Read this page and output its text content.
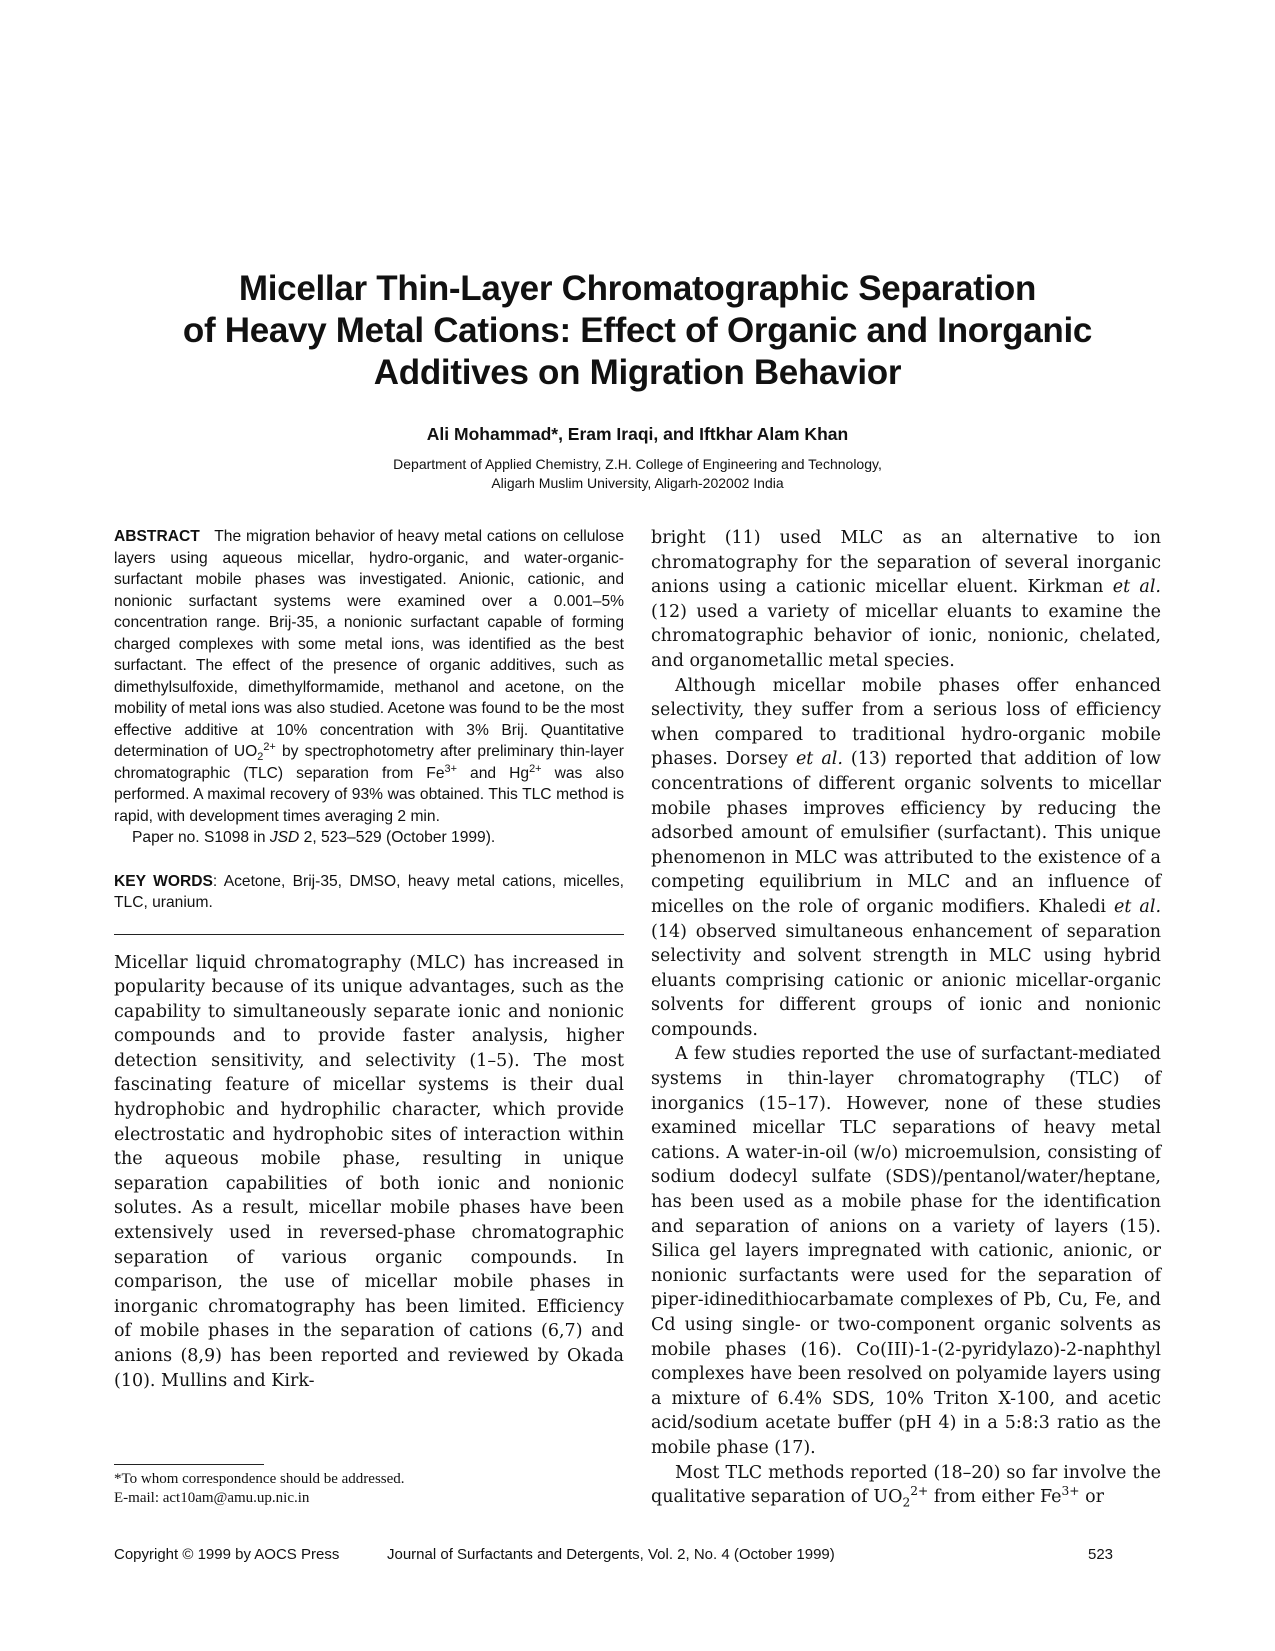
Micellar Thin-Layer Chromatographic Separation
of Heavy Metal Cations: Effect of Organic and Inorganic
Additives on Migration Behavior
Ali Mohammad*, Eram Iraqi, and Iftkhar Alam Khan
Department of Applied Chemistry, Z.H. College of Engineering and Technology,
Aligarh Muslim University, Aligarh-202002 India

ABSTRACT The migration behavior of heavy metal cations on cellulose layers using aqueous micellar, hydro-organic, and water-organic-surfactant mobile phases was investigated. Anionic, cationic, and nonionic surfactant systems were examined over a 0.001–5% concentration range. Brij-35, a nonionic surfactant capable of forming charged complexes with some metal ions, was identified as the best surfactant. The effect of the presence of organic additives, such as dimethylsulfoxide, dimethylformamide, methanol and acetone, on the mobility of metal ions was also studied. Acetone was found to be the most effective additive at 10% concentration with 3% Brij. Quantitative determination of $UO_2^{2+}$ by spectrophotometry after preliminary thin-layer chromatographic (TLC) separation from $Fe^{3+}$ and $Hg^{2+}$ was also performed. A maximal recovery of 93% was obtained. This TLC method is rapid, with development times averaging 2 min.

Paper no. S1098 in JSD 2, 523–529 (October 1999).

KEY WORDS: Acetone, Brij-35, DMSO, heavy metal cations, micelles, TLC, uranium.

Micellar liquid chromatography (MLC) has increased in popularity because of its unique advantages, such as the capability to simultaneously separate ionic and nonionic compounds and to provide faster analysis, higher detection sensitivity, and selectivity (1–5). The most fascinating feature of micellar systems is their dual hydrophobic and hydrophilic character, which provide electrostatic and hydrophobic sites of interaction within the aqueous mobile phase, resulting in unique separation capabilities of both ionic and nonionic solutes. As a result, micellar mobile phases have been extensively used in reversed-phase chromatographic separation of various organic compounds. In comparison, the use of micellar mobile phases in inorganic chromatography has been limited. Efficiency of mobile phases in the separation of cations (6,7) and anions (8,9) has been reported and reviewed by Okada (10). Mullins and Kirk-

bright (11) used MLC as an alternative to ion chromatography for the separation of several inorganic anions using a cationic micellar eluent. Kirkman et al. (12) used a variety of micellar eluants to examine the chromatographic behavior of ionic, nonionic, chelated, and organometallic metal species.

Although micellar mobile phases offer enhanced selectivity, they suffer from a serious loss of efficiency when compared to traditional hydro-organic mobile phases. Dorsey et al. (13) reported that addition of low concentrations of different organic solvents to micellar mobile phases improves efficiency by reducing the adsorbed amount of emulsifier (surfactant). This unique phenomenon in MLC was attributed to the existence of a competing equilibrium in MLC and an influence of micelles on the role of organic modifiers. Khaledi et al. (14) observed simultaneous enhancement of separation selectivity and solvent strength in MLC using hybrid eluants comprising cationic or anionic micellar-organic solvents for different groups of ionic and nonionic compounds.

A few studies reported the use of surfactant-mediated systems in thin-layer chromatography (TLC) of inorganics (15–17). However, none of these studies examined micellar TLC separations of heavy metal cations. A water-in-oil (w/o) microemulsion, consisting of sodium dodecyl sulfate (SDS)/pentanol/water/heptane, has been used as a mobile phase for the identification and separation of anions on a variety of layers (15). Silica gel layers impregnated with cationic, anionic, or nonionic surfactants were used for the separation of piper-idinedithiocarbamate complexes of Pb, Cu, Fe, and Cd using single- or two-component organic solvents as mobile phases (16). Co(III)-1-(2-pyridylazo)-2-naphthyl complexes have been resolved on polyamide layers using a mixture of 6.4% SDS, 10% Triton X-100, and acetic acid/sodium acetate buffer (pH 4) in a 5:8:3 ratio as the mobile phase (17).

Most TLC methods reported (18–20) so far involve the qualitative separation of $UO_2^{2+}$ from either $Fe^{3+}$ or

*To whom correspondence should be addressed.
E-mail: act10am@amu.up.nic.in
Copyright © 1999 by AOCS Press	Journal of Surfactants and Detergents, Vol. 2, No. 4 (October 1999)	523
